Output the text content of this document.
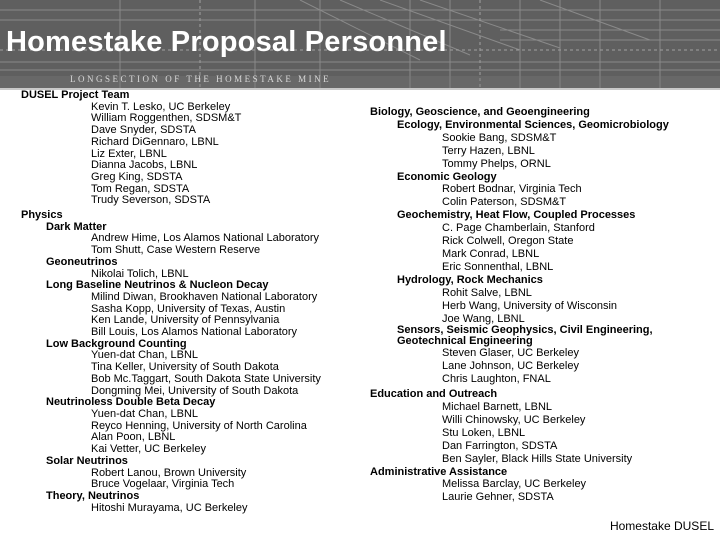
Homestake Proposal Personnel
LONGSECTION OF THE HOMESTAKE MINE
DUSEL Project Team
Kevin T. Lesko, UC Berkeley
William Roggenthen, SDSM&T
Dave Snyder, SDSTA
Richard DiGennaro, LBNL
Liz Exter, LBNL
Dianna Jacobs, LBNL
Greg King, SDSTA
Tom Regan, SDSTA
Trudy Severson, SDSTA
Physics
Dark Matter
Andrew Hime, Los Alamos National Laboratory
Tom Shutt, Case Western Reserve
Geoneutrinos
Nikolai Tolich, LBNL
Long Baseline Neutrinos & Nucleon Decay
Milind Diwan, Brookhaven National Laboratory
Sasha Kopp, University of Texas, Austin
Ken Lande, University of Pennsylvania
Bill Louis, Los Alamos National Laboratory
Low Background Counting
Yuen-dat Chan, LBNL
Tina Keller, University of South Dakota
Bob Mc.Taggart, South Dakota State University
Dongming Mei, University of South Dakota
Neutrinoless Double Beta Decay
Yuen-dat Chan, LBNL
Reyco Henning, University of North Carolina
Alan Poon, LBNL
Kai Vetter, UC Berkeley
Solar Neutrinos
Robert Lanou, Brown University
Bruce Vogelaar, Virginia Tech
Theory, Neutrinos
Hitoshi Murayama, UC Berkeley
Biology, Geoscience, and Geoengineering
Ecology, Environmental Sciences, Geomicrobiology
Sookie Bang, SDSM&T
Terry Hazen, LBNL
Tommy Phelps, ORNL
Economic Geology
Robert Bodnar, Virginia Tech
Colin Paterson, SDSM&T
Geochemistry, Heat Flow, Coupled Processes
C. Page Chamberlain, Stanford
Rick Colwell, Oregon State
Mark Conrad, LBNL
Eric Sonnenthal, LBNL
Hydrology, Rock Mechanics
Rohit Salve, LBNL
Herb Wang, University of Wisconsin
Joe Wang, LBNL
Sensors, Seismic Geophysics, Civil Engineering,
Geotechnical Engineering
Steven Glaser, UC Berkeley
Lane Johnson, UC Berkeley
Chris Laughton, FNAL
Education and Outreach
Michael Barnett, LBNL
Willi Chinowsky, UC Berkeley
Stu Loken, LBNL
Dan Farrington, SDSTA
Ben Sayler, Black Hills State University
Administrative Assistance
Melissa Barclay, UC Berkeley
Laurie Gehner, SDSTA
Homestake DUSEL
